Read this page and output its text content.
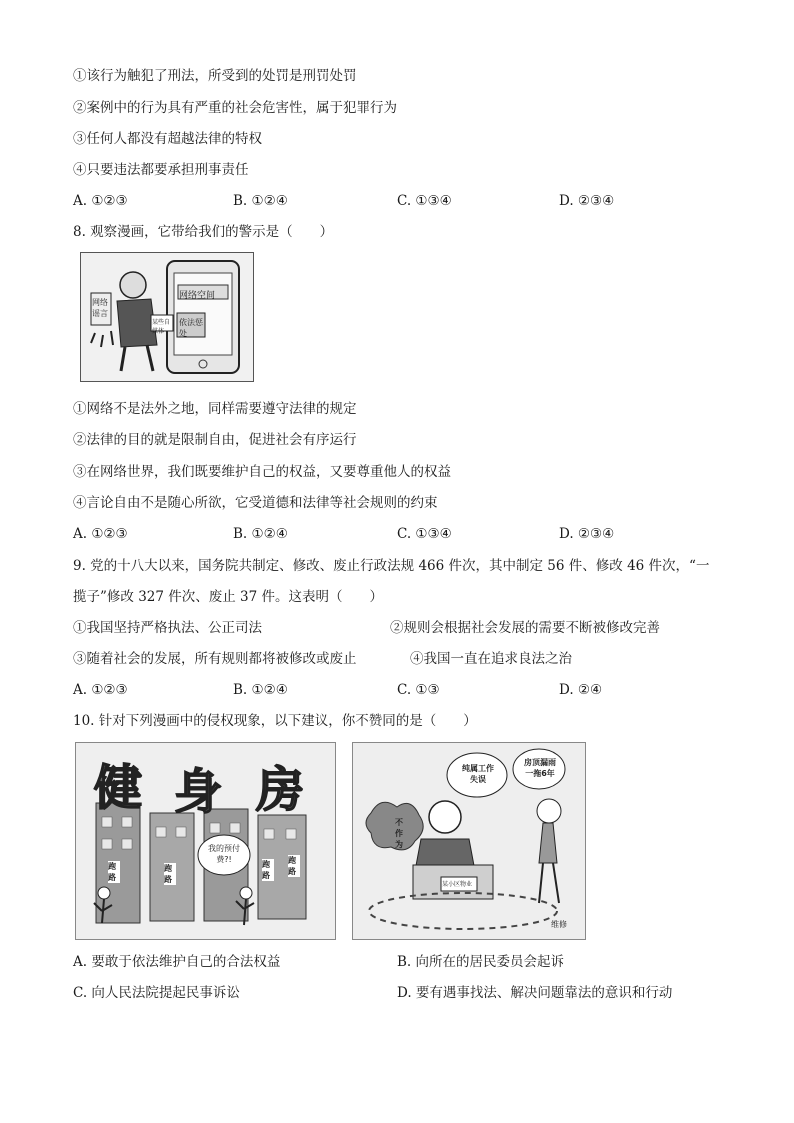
①该行为触犯了刑法，所受到的处罚是刑罚处罚
②案例中的行为具有严重的社会危害性，属于犯罪行为
③任何人都没有超越法律的特权
④只要违法都要承担刑事责任
A. ①②③	B. ①②④	C. ①③④	D. ②③④
8. 观察漫画，它带给我们的警示是（　　）
网络空间
依法惩处
网络谣言
某些自媒体
①网络不是法外之地，同样需要遵守法律的规定
②法律的目的就是限制自由，促进社会有序运行
③在网络世界，我们既要维护自己的权益，又要尊重他人的权益
④言论自由不是随心所欲，它受道德和法律等社会规则的约束
A. ①②③	B. ①②④	C. ①③④	D. ②③④
9. 党的十八大以来，国务院共制定、修改、废止行政法规 466 件次，其中制定 56 件、修改 46 件次，“一
揽子”修改 327 件次、废止 37 件。这表明（　　）
①我国坚持严格执法、公正司法	②规则会根据社会发展的需要不断被修改完善
③随着社会的发展，所有规则都将被修改或废止	④我国一直在追求良法之治
A. ①②③	B. ①②④	C. ①③	D. ②④
10. 针对下列漫画中的侵权现象，以下建议，你不赞同的是（　　）
健 身 房
跑路
跑路
跑路
跑路
我的预付费?!
纯属工作失误
房顶漏雨一拖6年
不作为
某小区物业
维修
A. 要敢于依法维护自己的合法权益	B. 向所在的居民委员会起诉
C. 向人民法院提起民事诉讼	D. 要有遇事找法、解决问题靠法的意识和行动
